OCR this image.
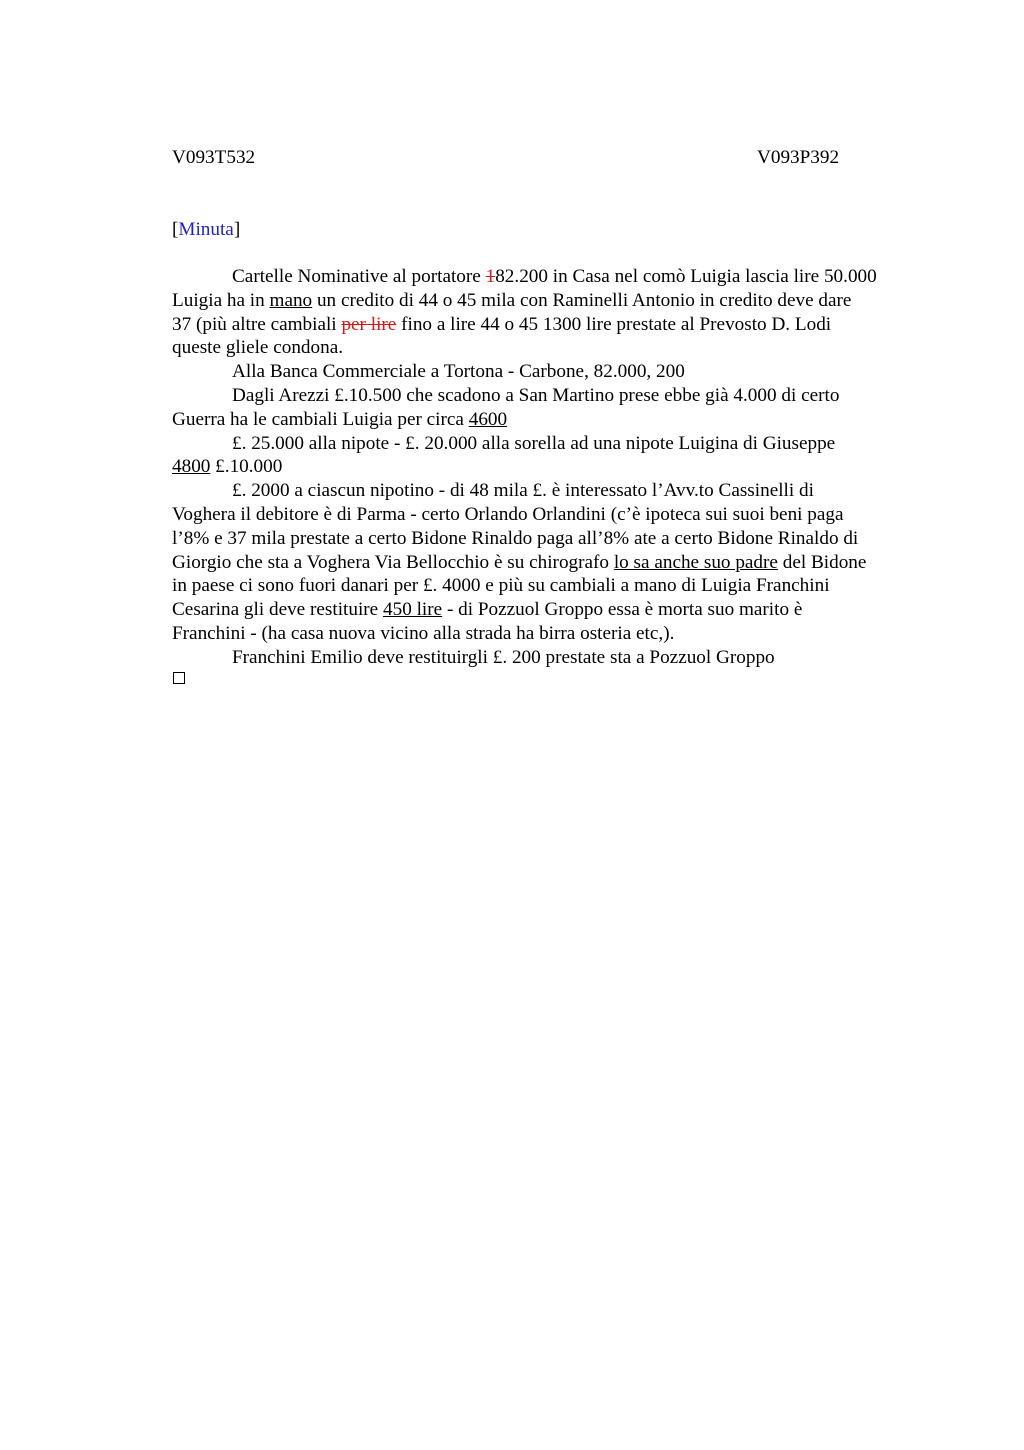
V093T532	V093P392
[Minuta]
Cartelle Nominative al portatore 182.200 in Casa nel comò Luigia lascia lire 50.000
Luigia ha in mano un credito di 44 o 45 mila con Raminelli Antonio in credito deve dare
37 (più altre cambiali per lire fino a lire 44 o 45 1300 lire prestate al Prevosto D. Lodi
queste gliele condona.
Alla Banca Commerciale a Tortona - Carbone, 82.000, 200
Dagli Arezzi £.10.500 che scadono a San Martino prese ebbe già 4.000 di certo
Guerra ha le cambiali Luigia per circa 4600
£. 25.000 alla nipote - £. 20.000 alla sorella ad una nipote Luigina di Giuseppe
4800 £.10.000
£. 2000 a ciascun nipotino - di 48 mila £. è interessato l’Avv.to Cassinelli di
Voghera il debitore è di Parma - certo Orlando Orlandini (c’è ipoteca sui suoi beni paga
l’8% e 37 mila prestate a certo Bidone Rinaldo paga all’8% ate a certo Bidone Rinaldo di
Giorgio che sta a Voghera Via Bellocchio è su chirografo lo sa anche suo padre del Bidone
in paese ci sono fuori danari per £. 4000 e più su cambiali a mano di Luigia Franchini
Cesarina gli deve restituire 450 lire - di Pozzuol Groppo essa è morta suo marito è
Franchini - (ha casa nuova vicino alla strada ha birra osteria etc,).
Franchini Emilio deve restituirgli £. 200 prestate sta a Pozzuol Groppo
